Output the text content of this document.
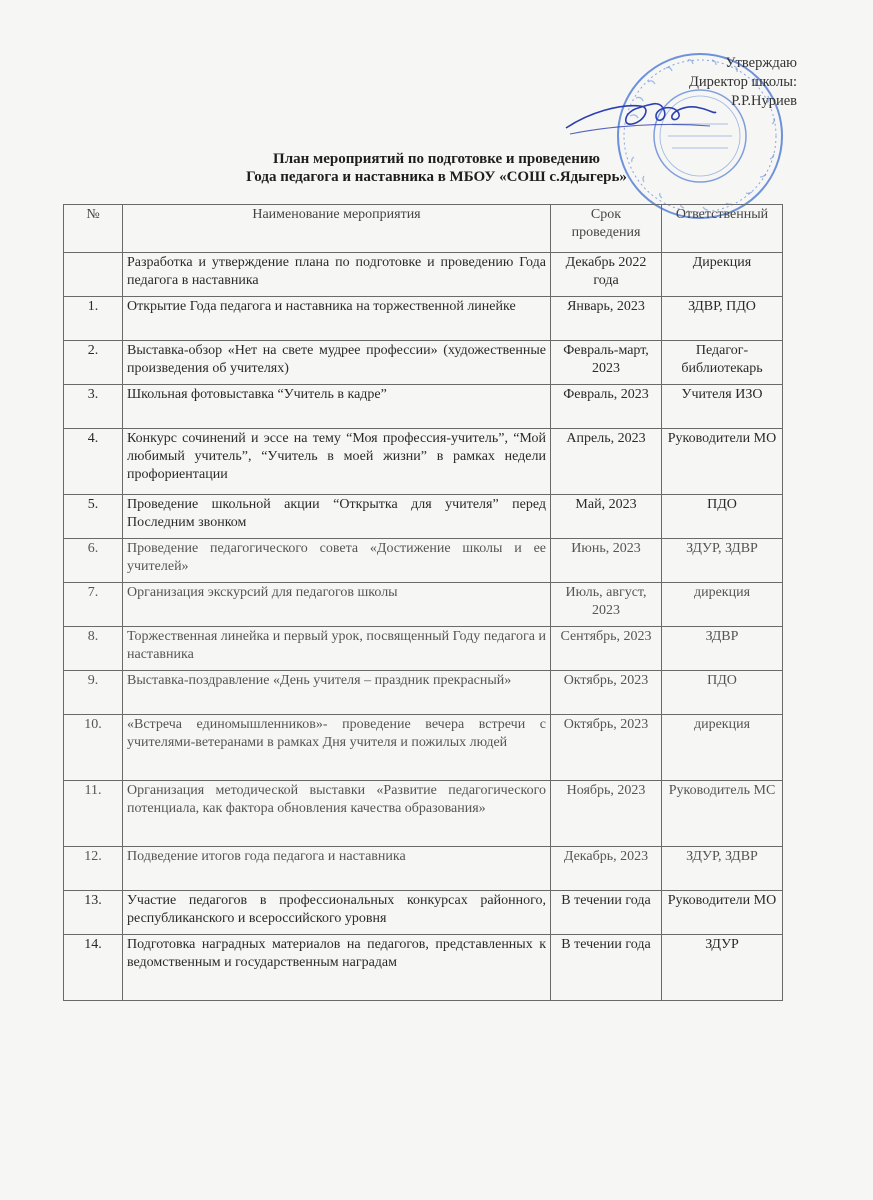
Утверждаю
Директор школы:
Р.Р.Нуриев
План мероприятий по подготовке и проведению
Года педагога и наставника в МБОУ «СОШ с.Ядыгерь»
№	Наименование мероприятия	Срок проведения	Ответственный
	Разработка и утверждение плана по подготовке и проведению Года педагога в наставника	Декабрь 2022 года	Дирекция
1.	Открытие Года педагога и наставника на торжественной линейке	Январь, 2023	ЗДВР, ПДО
2.	Выставка-обзор «Нет на свете мудрее профессии» (художественные произведения об учителях)	Февраль-март, 2023	Педагог-библиотекарь
3.	Школьная фотовыставка “Учитель в кадре”	Февраль, 2023	Учителя ИЗО
4.	Конкурс сочинений и эссе на тему “Моя профессия-учитель”, “Мой любимый учитель”, “Учитель в моей жизни” в рамках недели профориентации	Апрель, 2023	Руководители МО
5.	Проведение школьной акции “Открытка для учителя” перед Последним звонком	Май, 2023	ПДО
6.	Проведение педагогического совета «Достижение школы и ее учителей»	Июнь, 2023	ЗДУР, ЗДВР
7.	Организация экскурсий для педагогов школы	Июль, август, 2023	дирекция
8.	Торжественная линейка и первый урок, посвященный Году педагога и наставника	Сентябрь, 2023	ЗДВР
9.	Выставка-поздравление «День учителя – праздник прекрасный»	Октябрь, 2023	ПДО
10.	«Встреча единомышленников»- проведение вечера встречи с учителями-ветеранами в рамках Дня учителя и пожилых людей	Октябрь, 2023	дирекция
11.	Организация методической выставки «Развитие педагогического потенциала, как фактора обновления качества образования»	Ноябрь, 2023	Руководитель МС
12.	Подведение итогов года педагога и наставника	Декабрь, 2023	ЗДУР, ЗДВР
13.	Участие педагогов в профессиональных конкурсах районного, республиканского и всероссийского уровня	В течении года	Руководители МО
14.	Подготовка наградных материалов на педагогов, представленных к ведомственным и государственным наградам	В течении года	ЗДУР
